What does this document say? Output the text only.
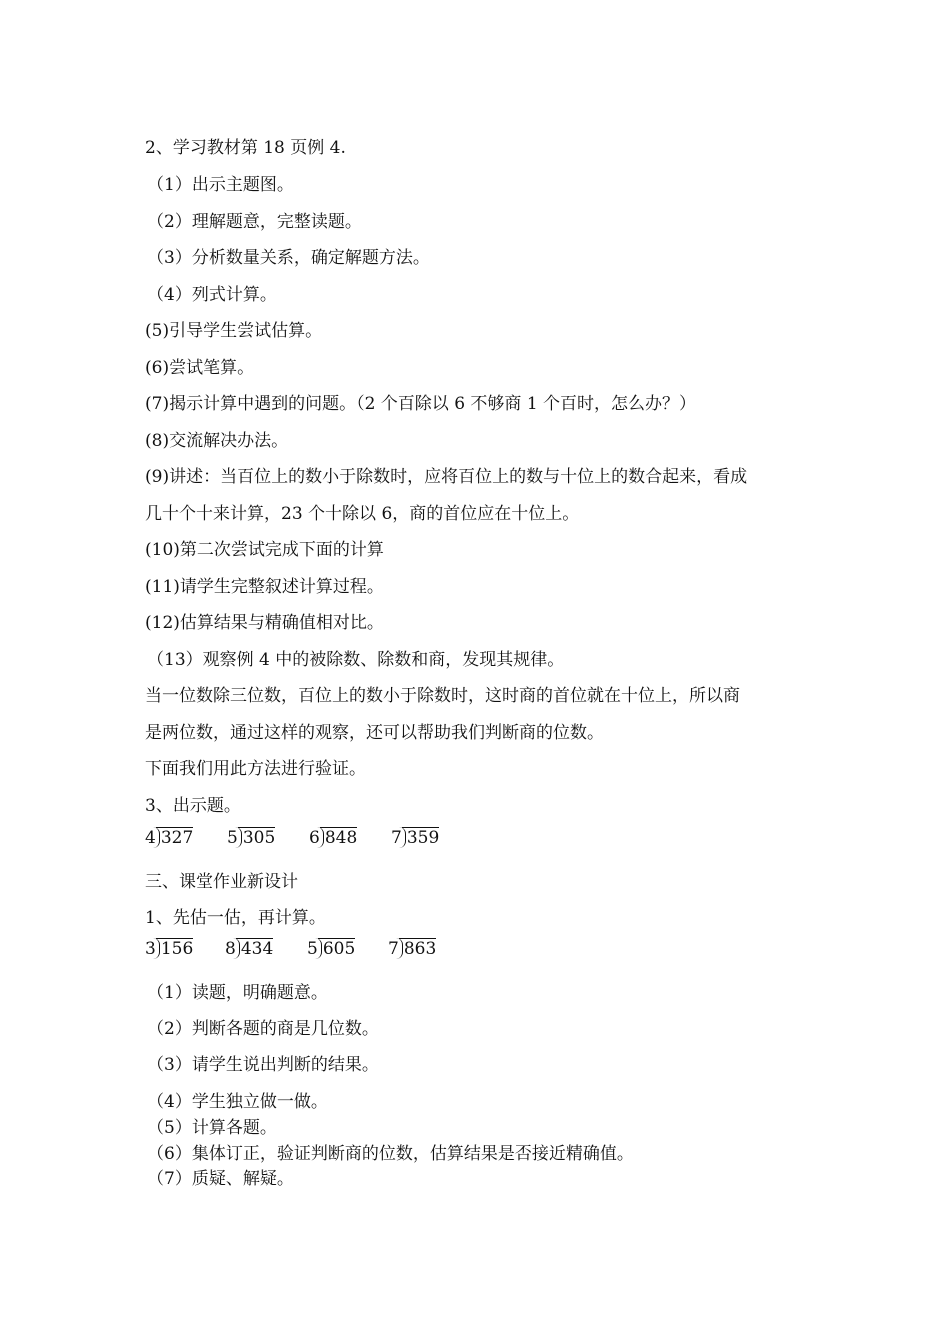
2、学习教材第 18 页例 4.
（1）出示主题图。
（2）理解题意，完整读题。
（3）分析数量关系，确定解题方法。
（4）列式计算。
(5)引导学生尝试估算。
(6)尝试笔算。
(7)揭示计算中遇到的问题。（2 个百除以 6 不够商 1 个百时，怎么办？）
(8)交流解决办法。
(9)讲述：当百位上的数小于除数时，应将百位上的数与十位上的数合起来，看成
几十个十来计算，23 个十除以 6，商的首位应在十位上。
(10)第二次尝试完成下面的计算
(11)请学生完整叙述计算过程。
(12)估算结果与精确值相对比。
（13）观察例 4 中的被除数、除数和商，发现其规律。
当一位数除三位数，百位上的数小于除数时，这时商的首位就在十位上，所以商
是两位数，通过这样的观察，还可以帮助我们判断商的位数。
下面我们用此方法进行验证。
3、出示题。
4 327 5 305 6 848 7 359
三、课堂作业新设计
1、先估一估，再计算。
3 156 8 434 5 605 7 863
（1）读题，明确题意。
（2）判断各题的商是几位数。
（3）请学生说出判断的结果。
（4）学生独立做一做。
（5）计算各题。
（6）集体订正，验证判断商的位数，估算结果是否接近精确值。
（7）质疑、解疑。
